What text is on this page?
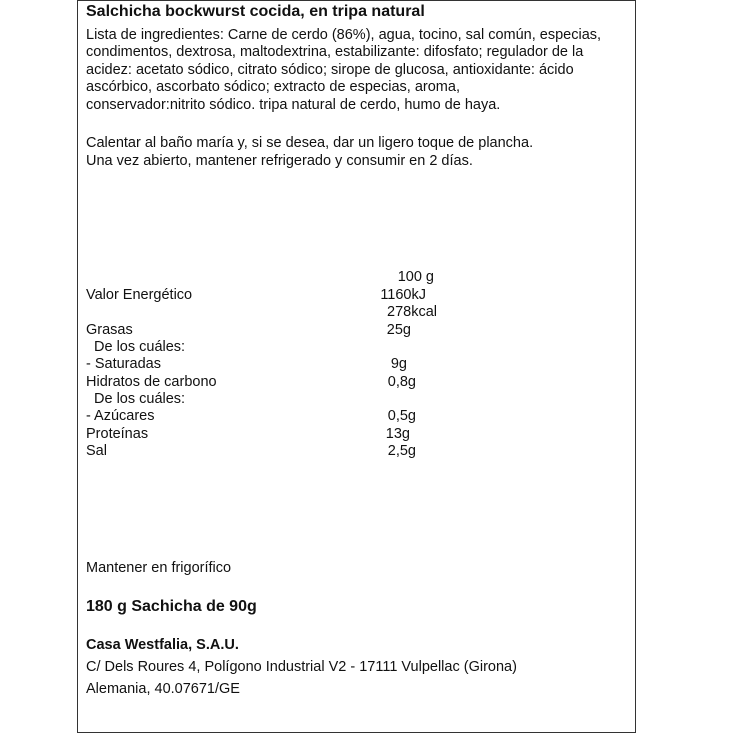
Salchicha bockwurst cocida, en tripa natural
Lista de ingredientes: Carne de cerdo (86%), agua, tocino, sal común, especias,
condimentos, dextrosa, maltodextrina, estabilizante: difosfato; regulador de la
acidez: acetato sódico, citrato sódico; sirope de glucosa, antioxidante: ácido
ascórbico, ascorbato sódico; extracto de especias, aroma,
conservador:nitrito sódico. tripa natural de cerdo, humo de haya.
Calentar al baño maría y, si se desea, dar un ligero toque de plancha.
Una vez abierto, mantener refrigerado y consumir en 2 días.
100 g
Valor Energético	1160kJ
278kcal
Grasas	25g
De los cuáles:
- Saturadas	9g
Hidratos de carbono	0,8g
De los cuáles:
- Azúcares	0,5g
Proteínas	13g
Sal	2,5g
Mantener en frigorífico
180 g Sachicha de 90g
Casa Westfalia, S.A.U.
C/ Dels Roures 4, Polígono Industrial V2 - 17111 Vulpellac (Girona)
Alemania, 40.07671/GE
